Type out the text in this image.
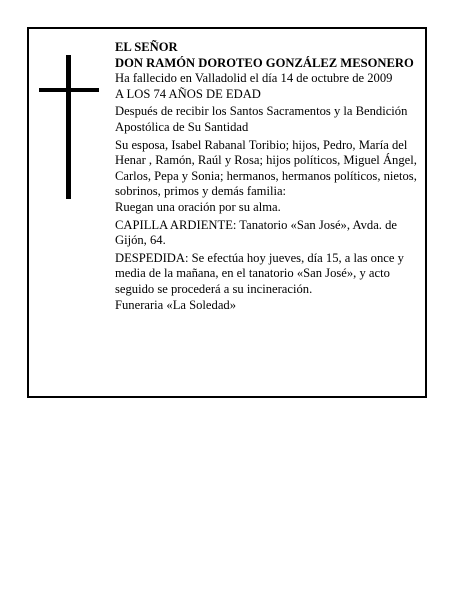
EL SEÑOR

DON RAMÓN DOROTEO GONZÁLEZ MESONERO

Ha fallecido en Valladolid el día 14 de octubre de 2009

A LOS 74 AÑOS DE EDAD

Después de recibir los Santos Sacramentos y la Bendición Apostólica de Su Santidad

Su esposa, Isabel Rabanal Toribio; hijos, Pedro, María del Henar , Ramón, Raúl y Rosa; hijos políticos, Miguel Ángel, Carlos, Pepa y Sonia; hermanos, hermanos políticos, nietos, sobrinos, primos y demás familia:

Ruegan una oración por su alma.

CAPILLA ARDIENTE: Tanatorio «San José», Avda. de Gijón, 64.

DESPEDIDA: Se efectúa hoy jueves, día 15, a las once y media de la mañana, en el tanatorio «San José», y acto seguido se procederá a su incineración.

Funeraria «La Soledad»
